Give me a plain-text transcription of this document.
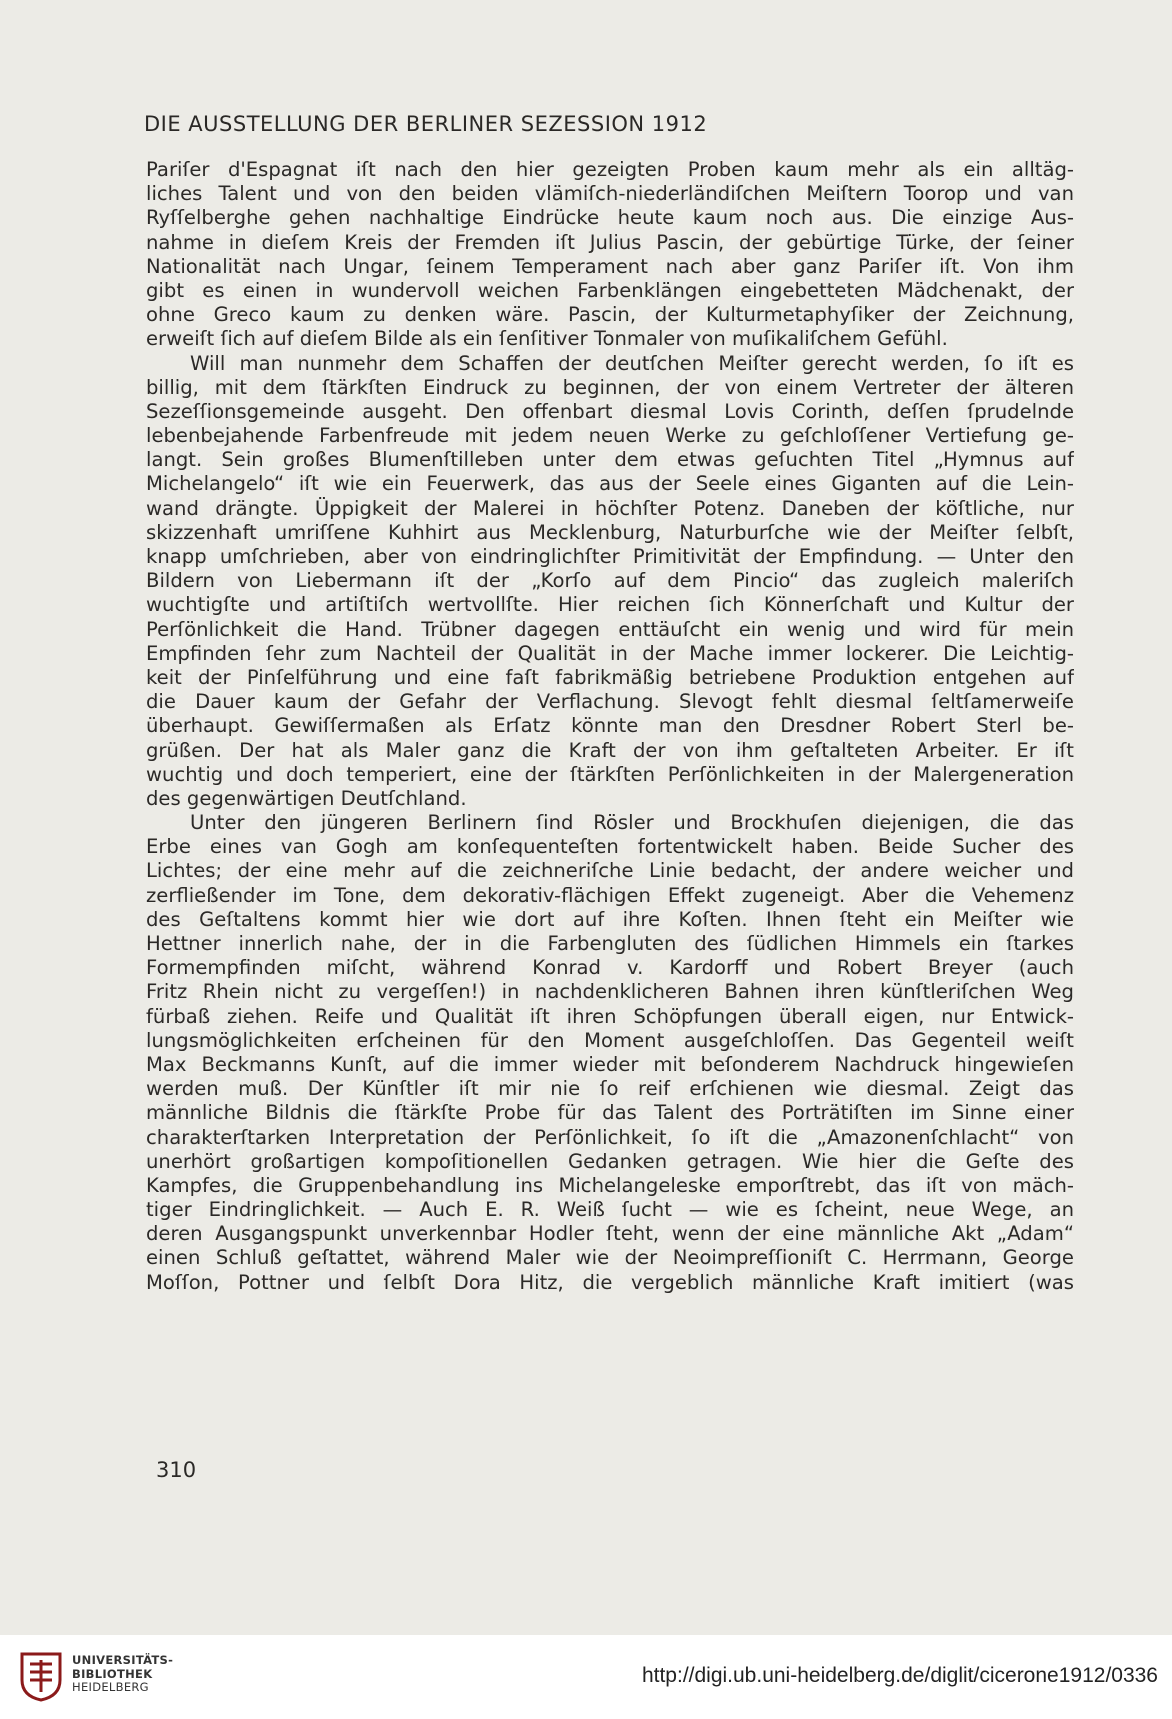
DIE AUSSTELLUNG DER BERLINER SEZESSION 1912
Pariſer d'Espagnat iſt nach den hier gezeigten Proben kaum mehr als ein alltäg-
liches Talent und von den beiden vlämiſch-niederländiſchen Meiſtern Toorop und van
Ryſſelberghe gehen nachhaltige Eindrücke heute kaum noch aus. Die einzige Aus-
nahme in dieſem Kreis der Fremden iſt Julius Pascin, der gebürtige Türke, der ſeiner
Nationalität nach Ungar, ſeinem Temperament nach aber ganz Pariſer iſt. Von ihm
gibt es einen in wundervoll weichen Farbenklängen eingebetteten Mädchenakt, der
ohne Greco kaum zu denken wäre. Pascin, der Kulturmetaphyſiker der Zeichnung,
erweiſt ſich auf dieſem Bilde als ein ſenſitiver Tonmaler von muſikaliſchem Gefühl.
Will man nunmehr dem Schaffen der deutſchen Meiſter gerecht werden, ſo iſt es
billig, mit dem ſtärkſten Eindruck zu beginnen, der von einem Vertreter der älteren
Sezeſſionsgemeinde ausgeht. Den offenbart diesmal Lovis Corinth, deſſen ſprudelnde
lebenbejahende Farbenfreude mit jedem neuen Werke zu geſchloſſener Vertiefung ge-
langt. Sein großes Blumenſtilleben unter dem etwas geſuchten Titel „Hymnus auf
Michelangelo“ iſt wie ein Feuerwerk, das aus der Seele eines Giganten auf die Lein-
wand drängte. Üppigkeit der Malerei in höchſter Potenz. Daneben der köſtliche, nur
skizzenhaft umriſſene Kuhhirt aus Mecklenburg, Naturburſche wie der Meiſter ſelbſt,
knapp umſchrieben, aber von eindringlichſter Primitivität der Empfindung. — Unter den
Bildern von Liebermann iſt der „Korſo auf dem Pincio“ das zugleich maleriſch
wuchtigſte und artiſtiſch wertvollſte. Hier reichen ſich Könnerſchaft und Kultur der
Perſönlichkeit die Hand. Trübner dagegen enttäuſcht ein wenig und wird für mein
Empfinden ſehr zum Nachteil der Qualität in der Mache immer lockerer. Die Leichtig-
keit der Pinſelführung und eine faſt fabrikmäßig betriebene Produktion entgehen auf
die Dauer kaum der Gefahr der Verflachung. Slevogt fehlt diesmal ſeltſamerweiſe
überhaupt. Gewiſſermaßen als Erſatz könnte man den Dresdner Robert Sterl be-
grüßen. Der hat als Maler ganz die Kraft der von ihm geſtalteten Arbeiter. Er iſt
wuchtig und doch temperiert, eine der ſtärkſten Perſönlichkeiten in der Malergeneration
des gegenwärtigen Deutſchland.
Unter den jüngeren Berlinern ſind Rösler und Brockhuſen diejenigen, die das
Erbe eines van Gogh am konſequenteſten fortentwickelt haben. Beide Sucher des
Lichtes; der eine mehr auf die zeichneriſche Linie bedacht, der andere weicher und
zerfließender im Tone, dem dekorativ-flächigen Effekt zugeneigt. Aber die Vehemenz
des Geſtaltens kommt hier wie dort auf ihre Koſten. Ihnen ſteht ein Meiſter wie
Hettner innerlich nahe, der in die Farbengluten des ſüdlichen Himmels ein ſtarkes
Formempfinden miſcht, während Konrad v. Kardorff und Robert Breyer (auch
Fritz Rhein nicht zu vergeſſen!) in nachdenklicheren Bahnen ihren künſtleriſchen Weg
fürbaß ziehen. Reife und Qualität iſt ihren Schöpfungen überall eigen, nur Entwick-
lungsmöglichkeiten erſcheinen für den Moment ausgeſchloſſen. Das Gegenteil weiſt
Max Beckmanns Kunſt, auf die immer wieder mit beſonderem Nachdruck hingewieſen
werden muß. Der Künſtler iſt mir nie ſo reif erſchienen wie diesmal. Zeigt das
männliche Bildnis die ſtärkſte Probe für das Talent des Porträtiſten im Sinne einer
charakterſtarken Interpretation der Perſönlichkeit, ſo iſt die „Amazonenſchlacht“ von
unerhört großartigen kompoſitionellen Gedanken getragen. Wie hier die Geſte des
Kampfes, die Gruppenbehandlung ins Michelangeleske emporſtrebt, das iſt von mäch-
tiger Eindringlichkeit. — Auch E. R. Weiß ſucht — wie es ſcheint, neue Wege, an
deren Ausgangspunkt unverkennbar Hodler ſteht, wenn der eine männliche Akt „Adam“
einen Schluß geſtattet, während Maler wie der Neoimpreſſioniſt C. Herrmann, George
Moſſon, Pottner und ſelbſt Dora Hitz, die vergeblich männliche Kraft imitiert (was
310
UNIVERSITÄTS-
BIBLIOTHEK
HEIDELBERG	http://digi.ub.uni-heidelberg.de/diglit/cicerone1912/0336
